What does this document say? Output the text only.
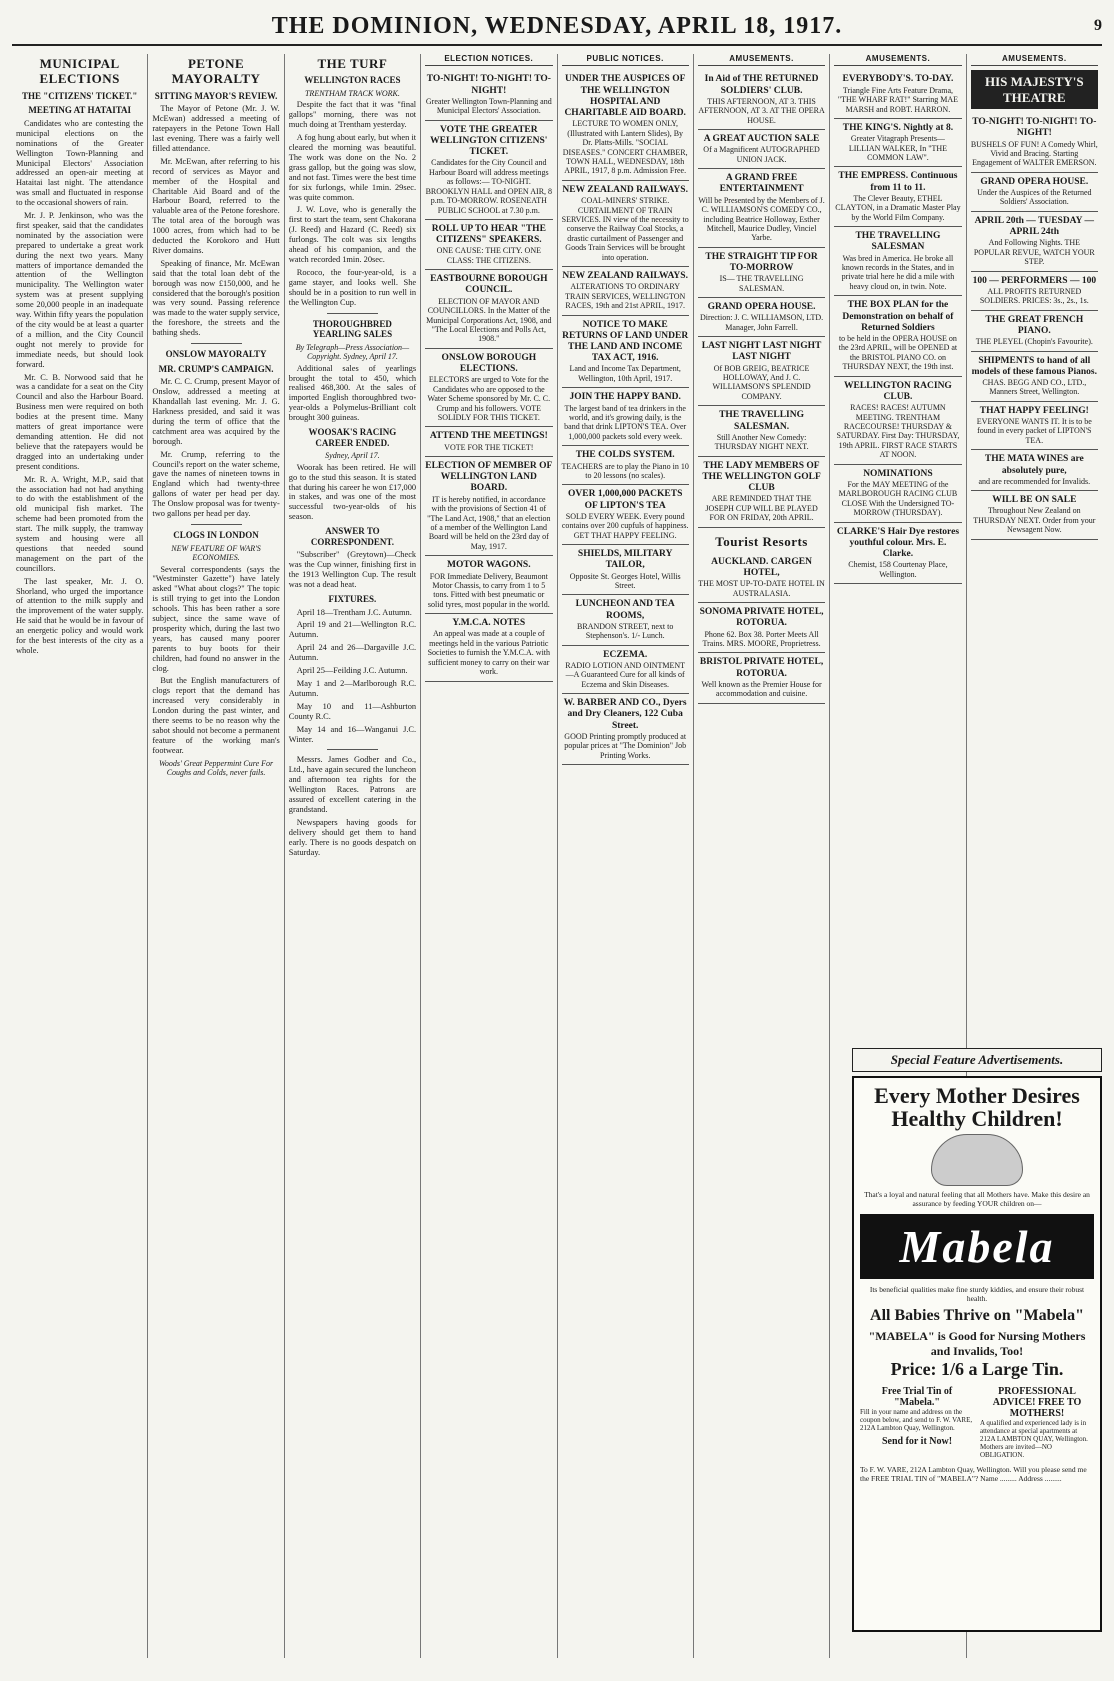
THE DOMINION, WEDNESDAY, APRIL 18, 1917.	9
MUNICIPAL ELECTIONS
THE "CITIZENS' TICKET."
MEETING AT HATAITAI

Candidates who are contesting the municipal elections on the nominations of the Greater Wellington Town-Planning and Municipal Electors' Association addressed an open-air meeting at Hataitai last night. The attendance was small and fluctuated in response to the occasional showers of rain.

Mr. J. P. Jenkinson, who was the first speaker, said that the candidates nominated by the association were prepared to undertake a great work during the next two years. Many matters of importance demanded the attention of the Wellington municipality. The Wellington water system was at present supplying some 20,000 people in an inadequate way. Within fifty years the population of the city would be at least a quarter of a million, and the City Council ought not merely to provide for immediate needs, but should look forward.

Mr. C. B. Norwood said that he was a candidate for a seat on the City Council and also the Harbour Board. Business men were required on both bodies at the present time. Many matters of great importance were demanding attention. He did not believe that the ratepayers would be dragged into an undertaking under present conditions.

Mr. R. A. Wright, M.P., said that the association had not had anything to do with the establishment of the old municipal fish market. The scheme had been promoted from the start. The milk supply, the tramway system and housing were all questions that needed sound management on the part of the councillors.

The last speaker, Mr. J. O. Shorland, who urged the importance of attention to the milk supply and the improvement of the water supply. He said that he would be in favour of an energetic policy and would work for the best interests of the city as a whole.

PETONE MAYORALTY
SITTING MAYOR'S REVIEW.

The Mayor of Petone (Mr. J. W. McEwan) addressed a meeting of ratepayers in the Petone Town Hall last evening. There was a fairly well filled attendance.

Mr. McEwan, after referring to his record of services as Mayor and member of the Hospital and Charitable Aid Board and of the Harbour Board, referred to the valuable area of the Petone foreshore. The total area of the borough was 1000 acres, from which had to be deducted the Korokoro and Hutt River domains.

Speaking of finance, Mr. McEwan said that the total loan debt of the borough was now £150,000, and he considered that the borough's position was very sound. Passing reference was made to the water supply service, the foreshore, the streets and the bathing sheds.

ONSLOW MAYORALTY
MR. CRUMP'S CAMPAIGN.

Mr. C. C. Crump, present Mayor of Onslow, addressed a meeting at Khandallah last evening. Mr. J. G. Harkness presided, and said it was during the term of office that the catchment area was acquired by the borough.

Mr. Crump, referring to the Council's report on the water scheme, gave the names of nineteen towns in England which had twenty-three gallons of water per head per day. The Onslow proposal was for twenty-two gallons per head per day.

CLOGS IN LONDON
NEW FEATURE OF WAR'S ECONOMIES.

Several correspondents (says the "Westminster Gazette") have lately asked "What about clogs?" The topic is still trying to get into the London schools. This has been rather a sore subject, since the same wave of prosperity which, during the last two years, has caused many poorer parents to buy boots for their children, had found no answer in the clog.

But the English manufacturers of clogs report that the demand has increased very considerably in London during the past winter, and there seems to be no reason why the sabot should not become a permanent feature of the working man's footwear.

Woods' Great Peppermint Cure For Coughs and Colds, never fails.
THE TURF
WELLINGTON RACES
TRENTHAM TRACK WORK.

Despite the fact that it was "final gallops" morning, there was not much doing at Trentham yesterday.

A fog hung about early, but when it cleared the morning was beautiful. The work was done on the No. 2 grass gallop, but the going was slow, and not fast. Times were the best time for six furlongs, while 1min. 29sec. was quite common.

J. W. Love, who is generally the first to start the team, sent Chakorana (J. Reed) and Hazard (C. Reed) six furlongs. The colt was six lengths ahead of his companion, and the watch recorded 1min. 20sec.

Rococo, the four-year-old, is a game stayer, and looks well. She should be in a position to run well in the Wellington Cup.

THOROUGHBRED YEARLING SALES
By Telegraph—Press Association—Copyright. Sydney, April 17.

Additional sales of yearlings brought the total to 450, which realised 468,300. At the sales of imported English thoroughbred two-year-olds a Polymelus-Brilliant colt brought 300 guineas.

WOOSAK'S RACING CAREER ENDED.
Sydney, April 17.

Woorak has been retired. He will go to the stud this season. It is stated that during his career he won £17,000 in stakes, and was one of the most successful two-year-olds of his season.

ANSWER TO CORRESPONDENT.

"Subscriber" (Greytown)—Check was the Cup winner, finishing first in the 1913 Wellington Cup. The result was not a dead heat.

FIXTURES.

April 18—Trentham J.C. Autumn.

April 19 and 21—Wellington R.C. Autumn.

April 24 and 26—Dargaville J.C. Autumn.

April 25—Feilding J.C. Autumn.

May 1 and 2—Marlborough R.C. Autumn.

May 10 and 11—Ashburton County R.C.

May 14 and 16—Wanganui J.C. Winter.

Messrs. James Godber and Co., Ltd., have again secured the luncheon and afternoon tea rights for the Wellington Races. Patrons are assured of excellent catering in the grandstand.

Newspapers having goods for delivery should get them to hand early. There is no goods despatch on Saturday.

ELECTION NOTICES.
TO-NIGHT! TO-NIGHT! TO-NIGHT!
Greater Wellington Town-Planning and Municipal Electors' Association.
VOTE THE GREATER WELLINGTON CITIZENS' TICKET.
Candidates for the City Council and Harbour Board will address meetings as follows:— TO-NIGHT. BROOKLYN HALL and OPEN AIR, 8 p.m. TO-MORROW. ROSENEATH PUBLIC SCHOOL at 7.30 p.m.
ROLL UP TO HEAR "THE CITIZENS" SPEAKERS.
ONE CAUSE: THE CITY. ONE CLASS: THE CITIZENS.
EASTBOURNE BOROUGH COUNCIL.
ELECTION OF MAYOR AND COUNCILLORS. In the Matter of the Municipal Corporations Act, 1908, and "The Local Elections and Polls Act, 1908."
ONSLOW BOROUGH ELECTIONS.
ELECTORS are urged to Vote for the Candidates who are opposed to the Water Scheme sponsored by Mr. C. C. Crump and his followers. VOTE SOLIDLY FOR THIS TICKET.
ATTEND THE MEETINGS!
VOTE FOR THE TICKET!
ELECTION OF MEMBER OF WELLINGTON LAND BOARD.
IT is hereby notified, in accordance with the provisions of Section 41 of "The Land Act, 1908," that an election of a member of the Wellington Land Board will be held on the 23rd day of May, 1917.
MOTOR WAGONS.
FOR Immediate Delivery, Beaumont Motor Chassis, to carry from 1 to 5 tons. Fitted with best pneumatic or solid tyres, most popular in the world.
Y.M.C.A. NOTES
An appeal was made at a couple of meetings held in the various Patriotic Societies to furnish the Y.M.C.A. with sufficient money to carry on their war work.
PUBLIC NOTICES.
UNDER THE AUSPICES OF THE WELLINGTON HOSPITAL AND CHARITABLE AID BOARD.
LECTURE TO WOMEN ONLY, (Illustrated with Lantern Slides), By Dr. Platts-Mills. "SOCIAL DISEASES." CONCERT CHAMBER, TOWN HALL, WEDNESDAY, 18th APRIL, 1917, 8 p.m. Admission Free.
NEW ZEALAND RAILWAYS.
COAL-MINERS' STRIKE. CURTAILMENT OF TRAIN SERVICES. IN view of the necessity to conserve the Railway Coal Stocks, a drastic curtailment of Passenger and Goods Train Services will be brought into operation.
NEW ZEALAND RAILWAYS.
ALTERATIONS TO ORDINARY TRAIN SERVICES, WELLINGTON RACES, 19th and 21st APRIL, 1917.
NOTICE TO MAKE RETURNS OF LAND UNDER THE LAND AND INCOME TAX ACT, 1916.
Land and Income Tax Department, Wellington, 10th April, 1917.
JOIN THE HAPPY BAND.
The largest band of tea drinkers in the world, and it's growing daily, is the band that drink LIPTON'S TEA. Over 1,000,000 packets sold every week.
THE COLDS SYSTEM.
TEACHERS are to play the Piano in 10 to 20 lessons (no scales).
OVER 1,000,000 PACKETS OF LIPTON'S TEA
SOLD EVERY WEEK. Every pound contains over 200 cupfuls of happiness. GET THAT HAPPY FEELING.
SHIELDS, MILITARY TAILOR,
Opposite St. Georges Hotel, Willis Street.
LUNCHEON AND TEA ROOMS,
BRANDON STREET, next to Stephenson's. 1/- Lunch.
ECZEMA.
RADIO LOTION AND OINTMENT—A Guaranteed Cure for all kinds of Eczema and Skin Diseases.
W. BARBER AND CO., Dyers and Dry Cleaners, 122 Cuba Street.
GOOD Printing promptly produced at popular prices at "The Dominion" Job Printing Works.
AMUSEMENTS.
In Aid of THE RETURNED SOLDIERS' CLUB.
THIS AFTERNOON, AT 3. THIS AFTERNOON, AT 3. AT THE OPERA HOUSE.
A GREAT AUCTION SALE
Of a Magnificent AUTOGRAPHED UNION JACK.
A GRAND FREE ENTERTAINMENT
Will be Presented by the Members of J. C. WILLIAMSON'S COMEDY CO., including Beatrice Holloway, Esther Mitchell, Maurice Dudley, Vinciel Yarbe.
THE STRAIGHT TIP FOR TO-MORROW
IS— THE TRAVELLING SALESMAN.
GRAND OPERA HOUSE.
Direction: J. C. WILLIAMSON, LTD. Manager, John Farrell.
LAST NIGHT LAST NIGHT LAST NIGHT
Of BOB GREIG, BEATRICE HOLLOWAY, And J. C. WILLIAMSON'S SPLENDID COMPANY.
THE TRAVELLING SALESMAN.
Still Another New Comedy: THURSDAY NIGHT NEXT.
THE LADY MEMBERS OF THE WELLINGTON GOLF CLUB
ARE REMINDED THAT THE JOSEPH CUP WILL BE PLAYED FOR ON FRIDAY, 20th APRIL.
Tourist Resorts
AUCKLAND. CARGEN HOTEL,
THE MOST UP-TO-DATE HOTEL IN AUSTRALASIA.
SONOMA PRIVATE HOTEL, ROTORUA.
Phone 62. Box 38. Porter Meets All Trains. MRS. MOORE, Proprietress.
BRISTOL PRIVATE HOTEL, ROTORUA.
Well known as the Premier House for accommodation and cuisine.
AMUSEMENTS.
EVERYBODY'S. TO-DAY.
Triangle Fine Arts Feature Drama, "THE WHARF RAT!" Starring MAE MARSH and ROBT. HARRON.
THE KING'S. Nightly at 8.
Greater Vitagraph Presents— LILLIAN WALKER, In "THE COMMON LAW".
THE EMPRESS. Continuous from 11 to 11.
The Clever Beauty, ETHEL CLAYTON, in a Dramatic Master Play by the World Film Company.
THE TRAVELLING SALESMAN
Was bred in America. He broke all known records in the States, and in private trial here he did a mile with heavy cloud on, in twin. Note.
THE BOX PLAN for the Demonstration on behalf of Returned Soldiers
to be held in the OPERA HOUSE on the 23rd APRIL, will be OPENED at the BRISTOL PIANO CO. on THURSDAY NEXT, the 19th inst.
WELLINGTON RACING CLUB.
RACES! RACES! AUTUMN MEETING. TRENTHAM RACECOURSE! THURSDAY & SATURDAY. First Day: THURSDAY, 19th APRIL. FIRST RACE STARTS AT NOON.
NOMINATIONS
For the MAY MEETING of the MARLBOROUGH RACING CLUB CLOSE With the Undersigned TO-MORROW (THURSDAY).
CLARKE'S Hair Dye restores youthful colour. Mrs. E. Clarke.
Chemist, 158 Courtenay Place, Wellington.
AMUSEMENTS.
HIS MAJESTY'S THEATRE
TO-NIGHT! TO-NIGHT! TO-NIGHT!
BUSHELS OF FUN! A Comedy Whirl, Vivid and Bracing. Starting Engagement of WALTER EMERSON.
GRAND OPERA HOUSE.
Under the Auspices of the Returned Soldiers' Association.
APRIL 20th — TUESDAY — APRIL 24th
And Following Nights. THE POPULAR REVUE, WATCH YOUR STEP.
100 — PERFORMERS — 100
ALL PROFITS RETURNED SOLDIERS. PRICES: 3s., 2s., 1s.
THE GREAT FRENCH PIANO.
THE PLEYEL (Chopin's Favourite).
SHIPMENTS to hand of all models of these famous Pianos.
CHAS. BEGG AND CO., LTD., Manners Street, Wellington.
THAT HAPPY FEELING!
EVERYONE WANTS IT. It is to be found in every packet of LIPTON'S TEA.
THE MATA WINES are absolutely pure,
and are recommended for Invalids.
WILL BE ON SALE
Throughout New Zealand on THURSDAY NEXT. Order from your Newsagent Now.
Special Feature Advertisements.
Every Mother Desires Healthy Children!
That's a loyal and natural feeling that all Mothers have. Make this desire an assurance by feeding YOUR children on—
Mabela
Its beneficial qualities make fine sturdy kiddies, and ensure their robust health.
All Babies Thrive on "Mabela"
"MABELA" is Good for Nursing Mothers and Invalids, Too!
Price: 1/6 a Large Tin.
Free Trial Tin of "Mabela."
Fill in your name and address on the coupon below, and send to F. W. VARE, 212A Lambton Quay, Wellington.
Send for it Now!
PROFESSIONAL ADVICE! FREE TO MOTHERS!
A qualified and experienced lady is in attendance at special apartments at 212A LAMBTON QUAY, Wellington. Mothers are invited—NO OBLIGATION.
To F. W. VARE, 212A Lambton Quay, Wellington. Will you please send me the FREE TRIAL TIN of "MABELA"? Name ......... Address .........
